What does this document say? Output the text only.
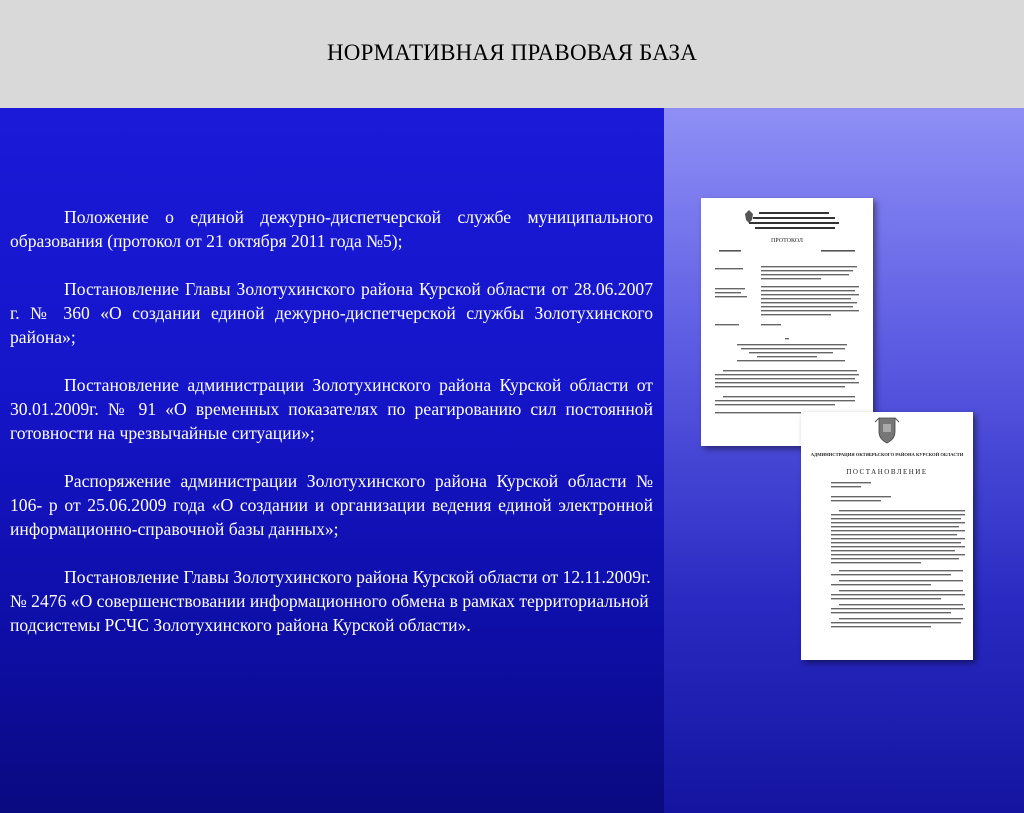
НОРМАТИВНАЯ ПРАВОВАЯ БАЗА

Положение о единой дежурно-диспетчерской службе муниципального образования (протокол от 21 октября 2011 года №5);

Постановление Главы Золотухинского района Курской области от 28.06.2007 г. № 360 «О создании единой дежурно-диспетчерской службы Золотухинского района»;

Постановление администрации Золотухинского района Курской области от 30.01.2009г. № 91 «О временных показателях по реагированию сил постоянной готовности на чрезвычайные ситуации»;

Распоряжение администрации Золотухинского района Курской области № 106- р от 25.06.2009 года «О создании и организации ведения единой электронной информационно-справочной базы данных»;

Постановление Главы Золотухинского района Курской области от 12.11.2009г. № 2476 «О совершенствовании информационного обмена в рамках территориальной подсистемы РСЧС Золотухинского района Курской области».

ПРОТОКОЛ
АДМИНИСТРАЦИЯ ОКТЯБРЬСКОГО РАЙОНА КУРСКОЙ ОБЛАСТИ
ПОСТАНОВЛЕНИЕ
